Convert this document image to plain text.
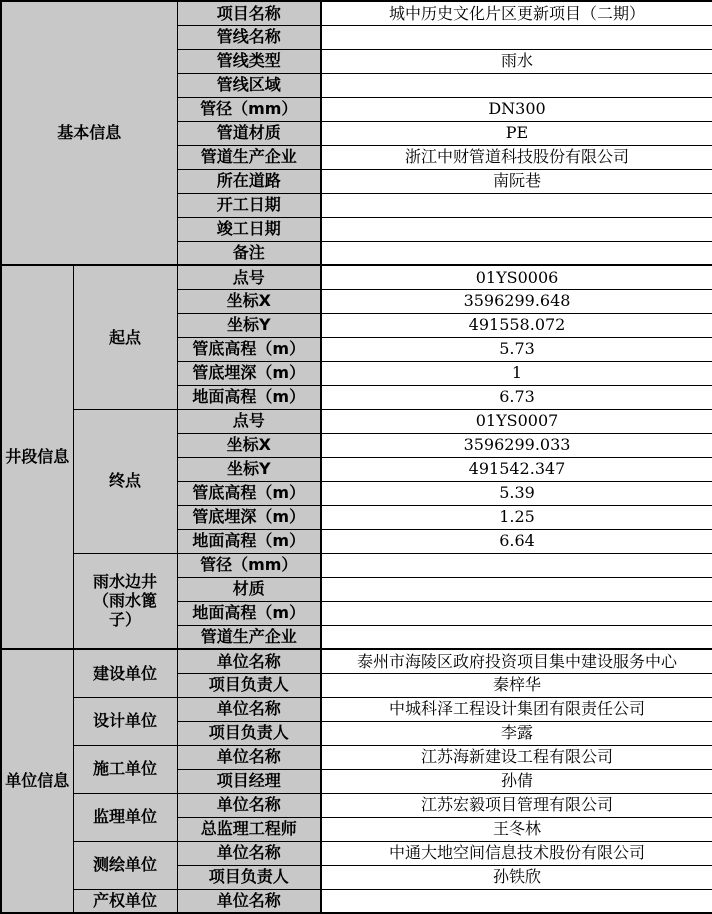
基本信息		项目名称	城中历史文化片区更新项目（二期）
		管线名称	
		管线类型	雨水
		管线区域	
		管径（mm）	DN300
		管道材质	PE
		管道生产企业	浙江中财管道科技股份有限公司
		所在道路	南阮巷
		开工日期	
		竣工日期	
		备注	
井段信息	起点	点号	01YS0006
		坐标X	3596299.648
		坐标Y	491558.072
		管底高程（m）	5.73
		管底埋深（m）	1
		地面高程（m）	6.73
	终点	点号	01YS0007
		坐标X	3596299.033
		坐标Y	491542.347
		管底高程（m）	5.39
		管底埋深（m）	1.25
		地面高程（m）	6.64
	雨水边井（雨水篦子）	管径（mm）	
		材质	
		地面高程（m）	
		管道生产企业	
单位信息	建设单位	单位名称	泰州市海陵区政府投资项目集中建设服务中心
		项目负责人	秦梓华
	设计单位	单位名称	中城科泽工程设计集团有限责任公司
		项目负责人	李露
	施工单位	单位名称	江苏海新建设工程有限公司
		项目经理	孙倩
	监理单位	单位名称	江苏宏毅项目管理有限公司
		总监理工程师	王冬林
	测绘单位	单位名称	中通大地空间信息技术股份有限公司
		项目负责人	孙铁欣
	产权单位	单位名称	
